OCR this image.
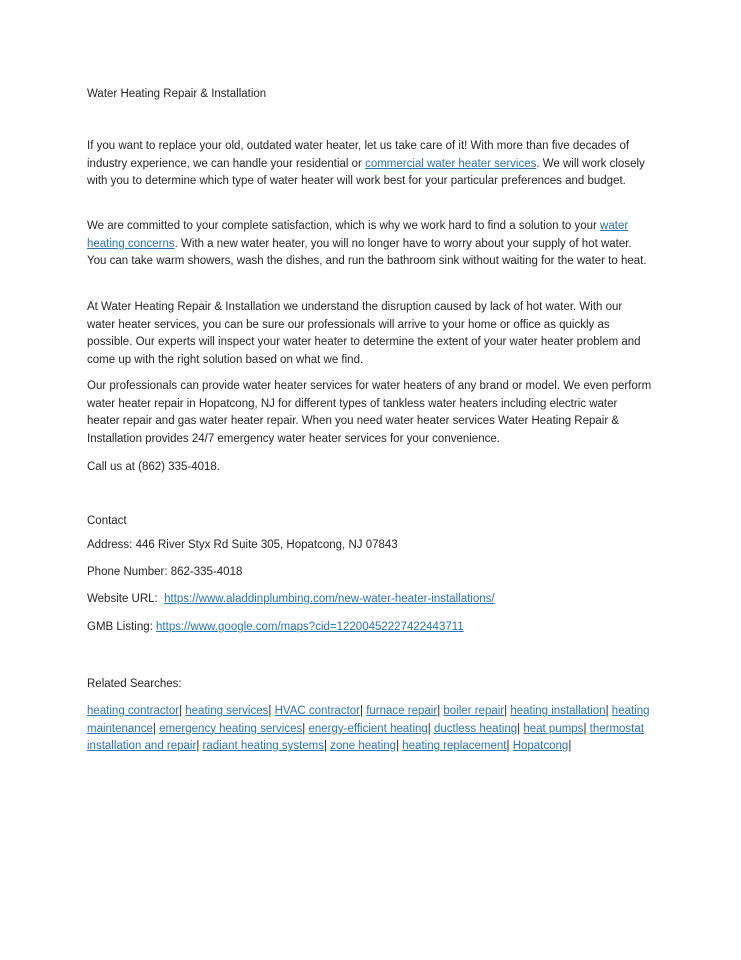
Water Heating Repair & Installation

If you want to replace your old, outdated water heater, let us take care of it! With more than five decades of industry experience, we can handle your residential or commercial water heater services. We will work closely with you to determine which type of water heater will work best for your particular preferences and budget.

We are committed to your complete satisfaction, which is why we work hard to find a solution to your water heating concerns. With a new water heater, you will no longer have to worry about your supply of hot water. You can take warm showers, wash the dishes, and run the bathroom sink without waiting for the water to heat.

At Water Heating Repair & Installation we understand the disruption caused by lack of hot water. With our water heater services, you can be sure our professionals will arrive to your home or office as quickly as possible. Our experts will inspect your water heater to determine the extent of your water heater problem and come up with the right solution based on what we find.

Our professionals can provide water heater services for water heaters of any brand or model. We even perform water heater repair in Hopatcong, NJ for different types of tankless water heaters including electric water heater repair and gas water heater repair. When you need water heater services Water Heating Repair & Installation provides 24/7 emergency water heater services for your convenience.

Call us at (862) 335-4018.

Contact

Address: 446 River Styx Rd Suite 305, Hopatcong, NJ 07843

Phone Number: 862-335-4018

Website URL:  https://www.aladdinplumbing.com/new-water-heater-installations/

GMB Listing: https://www.google.com/maps?cid=12200452227422443711

Related Searches:

heating contractor| heating services| HVAC contractor| furnace repair| boiler repair| heating installation| heating maintenance| emergency heating services| energy-efficient heating| ductless heating| heat pumps| thermostat installation and repair| radiant heating systems| zone heating| heating replacement| Hopatcong|
